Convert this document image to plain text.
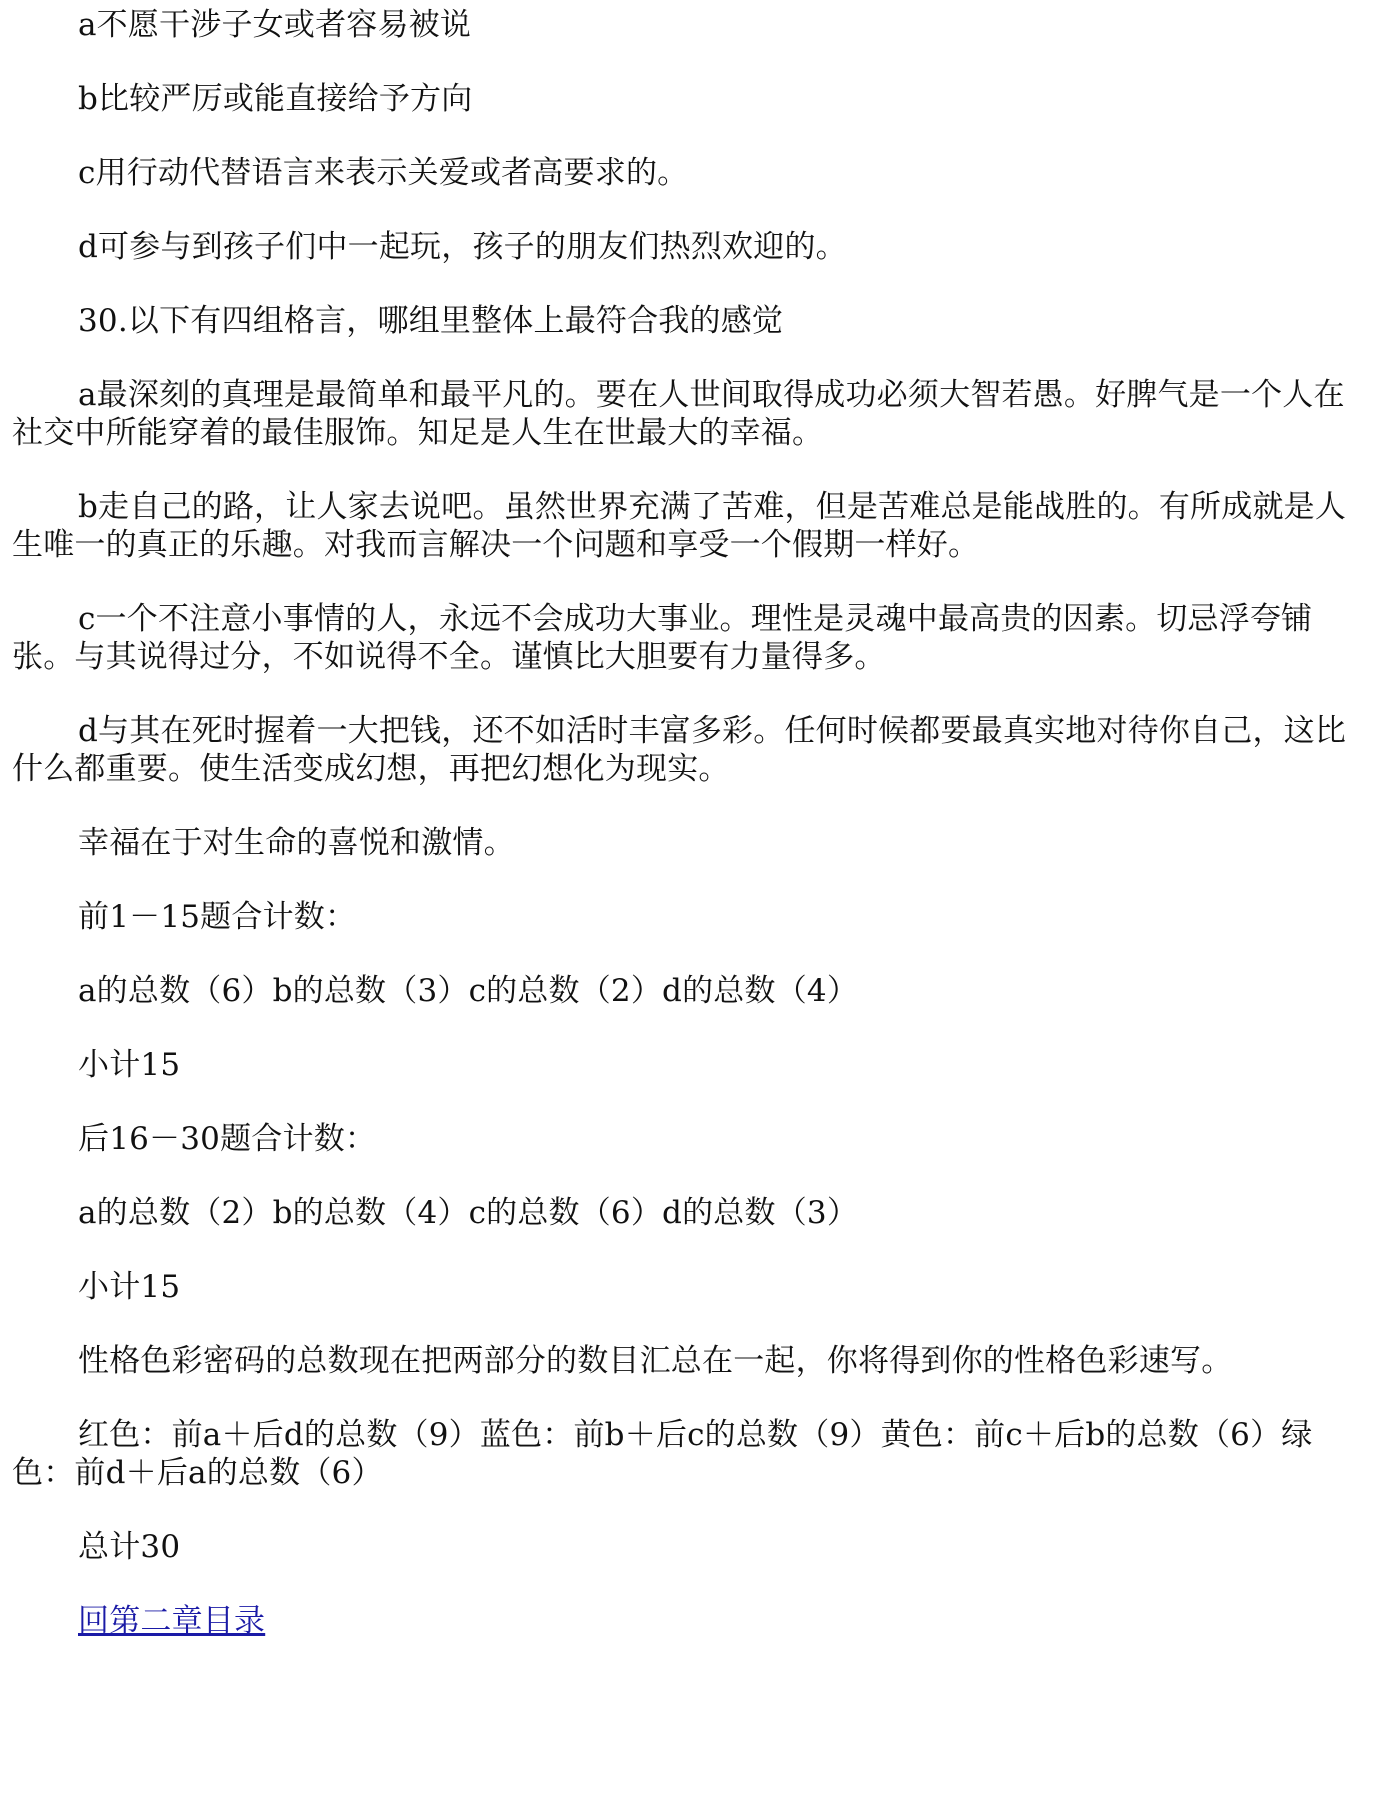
a不愿干涉子女或者容易被说

b比较严厉或能直接给予方向

c用行动代替语言来表示关爱或者高要求的。

d可参与到孩子们中一起玩，孩子的朋友们热烈欢迎的。

30.以下有四组格言，哪组里整体上最符合我的感觉

a最深刻的真理是最简单和最平凡的。要在人世间取得成功必须大智若愚。好脾气是一个人在社交中所能穿着的最佳服饰。知足是人生在世最大的幸福。

b走自己的路，让人家去说吧。虽然世界充满了苦难，但是苦难总是能战胜的。有所成就是人生唯一的真正的乐趣。对我而言解决一个问题和享受一个假期一样好。

c一个不注意小事情的人，永远不会成功大事业。理性是灵魂中最高贵的因素。切忌浮夸铺张。与其说得过分，不如说得不全。谨慎比大胆要有力量得多。

d与其在死时握着一大把钱，还不如活时丰富多彩。任何时候都要最真实地对待你自己，这比什么都重要。使生活变成幻想，再把幻想化为现实。

幸福在于对生命的喜悦和激情。

前1－15题合计数：

a的总数（6）b的总数（3）c的总数（2）d的总数（4）

小计15

后16－30题合计数：

a的总数（2）b的总数（4）c的总数（6）d的总数（3）

小计15

性格色彩密码的总数现在把两部分的数目汇总在一起，你将得到你的性格色彩速写。

红色：前a＋后d的总数（9）蓝色：前b＋后c的总数（9）黄色：前c＋后b的总数（6）绿色：前d＋后a的总数（6）

总计30

回第二章目录
